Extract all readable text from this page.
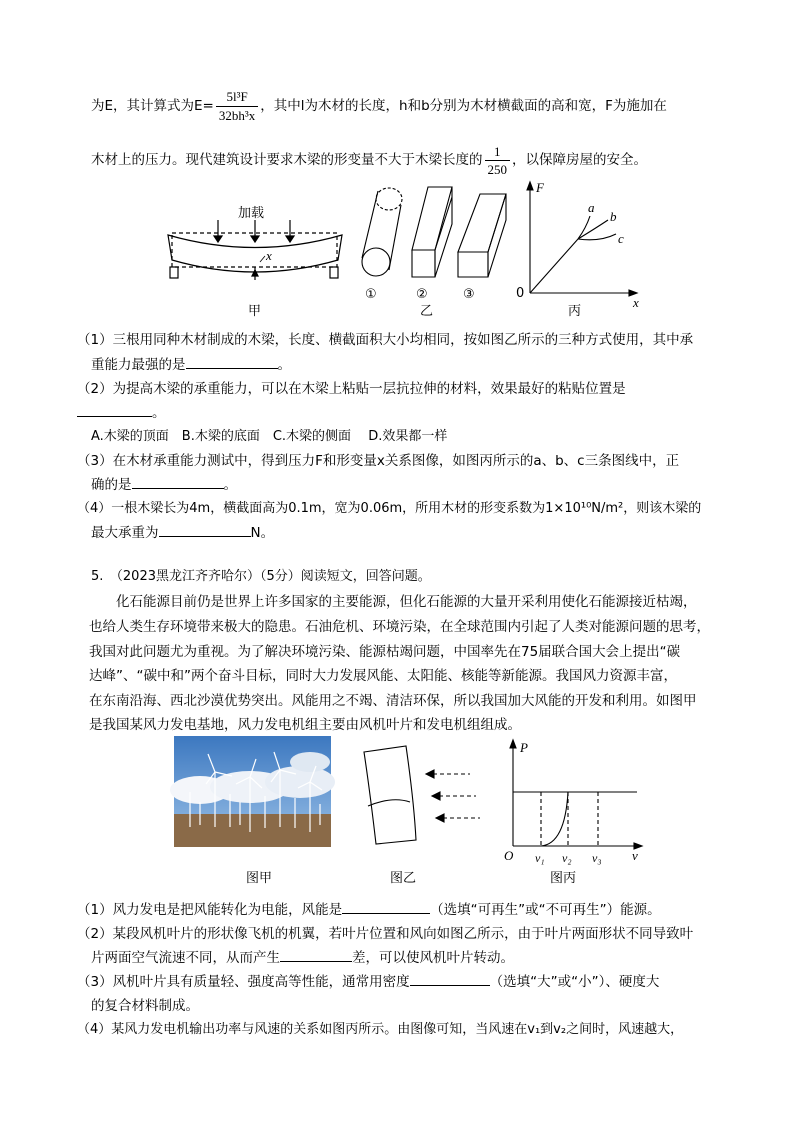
为E，其计算式为$E= \frac{\text{5l³F}}{\text{32bh³x}}$ ，其中l为木材的长度，h和b分别为木材横截面的高和宽，F为施加在
木材上的压力。现代建筑设计要求木梁的形变量不大于木梁长度的 $\frac{1}{250}$ ，以保障房屋的安全。
加载
x
甲
①	②	③
乙
F
x
0
a
b
c
丙
（1）三根用同种木材制成的木梁，长度、横截面积大小均相同，按如图乙所示的三种方式使用，其中承
重能力最强的是	。
（2）为提高木梁的承重能力，可以在木梁上粘贴一层抗拉伸的材料，效果最好的粘贴位置是
。
A.木梁的顶面　B.木梁的底面　C.木梁的侧面　 D.效果都一样
（3）在木材承重能力测试中，得到压力F和形变量x关系图像，如图丙所示的a、b、c三条图线中，正
确的是	。
（4）一根木梁长为4m，横截面高为0.1m，宽为0.06m，所用木材的形变系数为1×10¹⁰N/m²，则该木梁的
最大承重为	N。
5.　（2023黑龙江齐齐哈尔）（5分）阅读短文，回答问题。
　　化石能源目前仍是世界上许多国家的主要能源，但化石能源的大量开采利用使化石能源接近枯竭，
也给人类生存环境带来极大的隐患。石油危机、环境污染，在全球范围内引起了人类对能源问题的思考，
我国对此问题尤为重视。为了解决环境污染、能源枯竭问题，中国率先在75届联合国大会上提出“碳
达峰”、“碳中和”两个奋斗目标，同时大力发展风能、太阳能、核能等新能源。我国风力资源丰富，
在东南沿海、西北沙漠优势突出。风能用之不竭、清洁环保，所以我国加大风能的开发和利用。如图甲
是我国某风力发电基地，风力发电机组主要由风机叶片和发电机组组成。
图甲	图乙
P
O	v
v₁ v₂ v₃
图丙
（1）风力发电是把风能转化为电能，风能是	（选填“可再生”或“不可再生”）能源。
（2）某段风机叶片的形状像飞机的机翼，若叶片位置和风向如图乙所示，由于叶片两面形状不同导致叶
片两面空气流速不同，从而产生	差，可以使风机叶片转动。
（3）风机叶片具有质量轻、强度高等性能，通常用密度	（选填“大”或“小”）、硬度大
的复合材料制成。
（4）某风力发电机输出功率与风速的关系如图丙所示。由图像可知，当风速在v₁到v₂之间时，风速越大，
